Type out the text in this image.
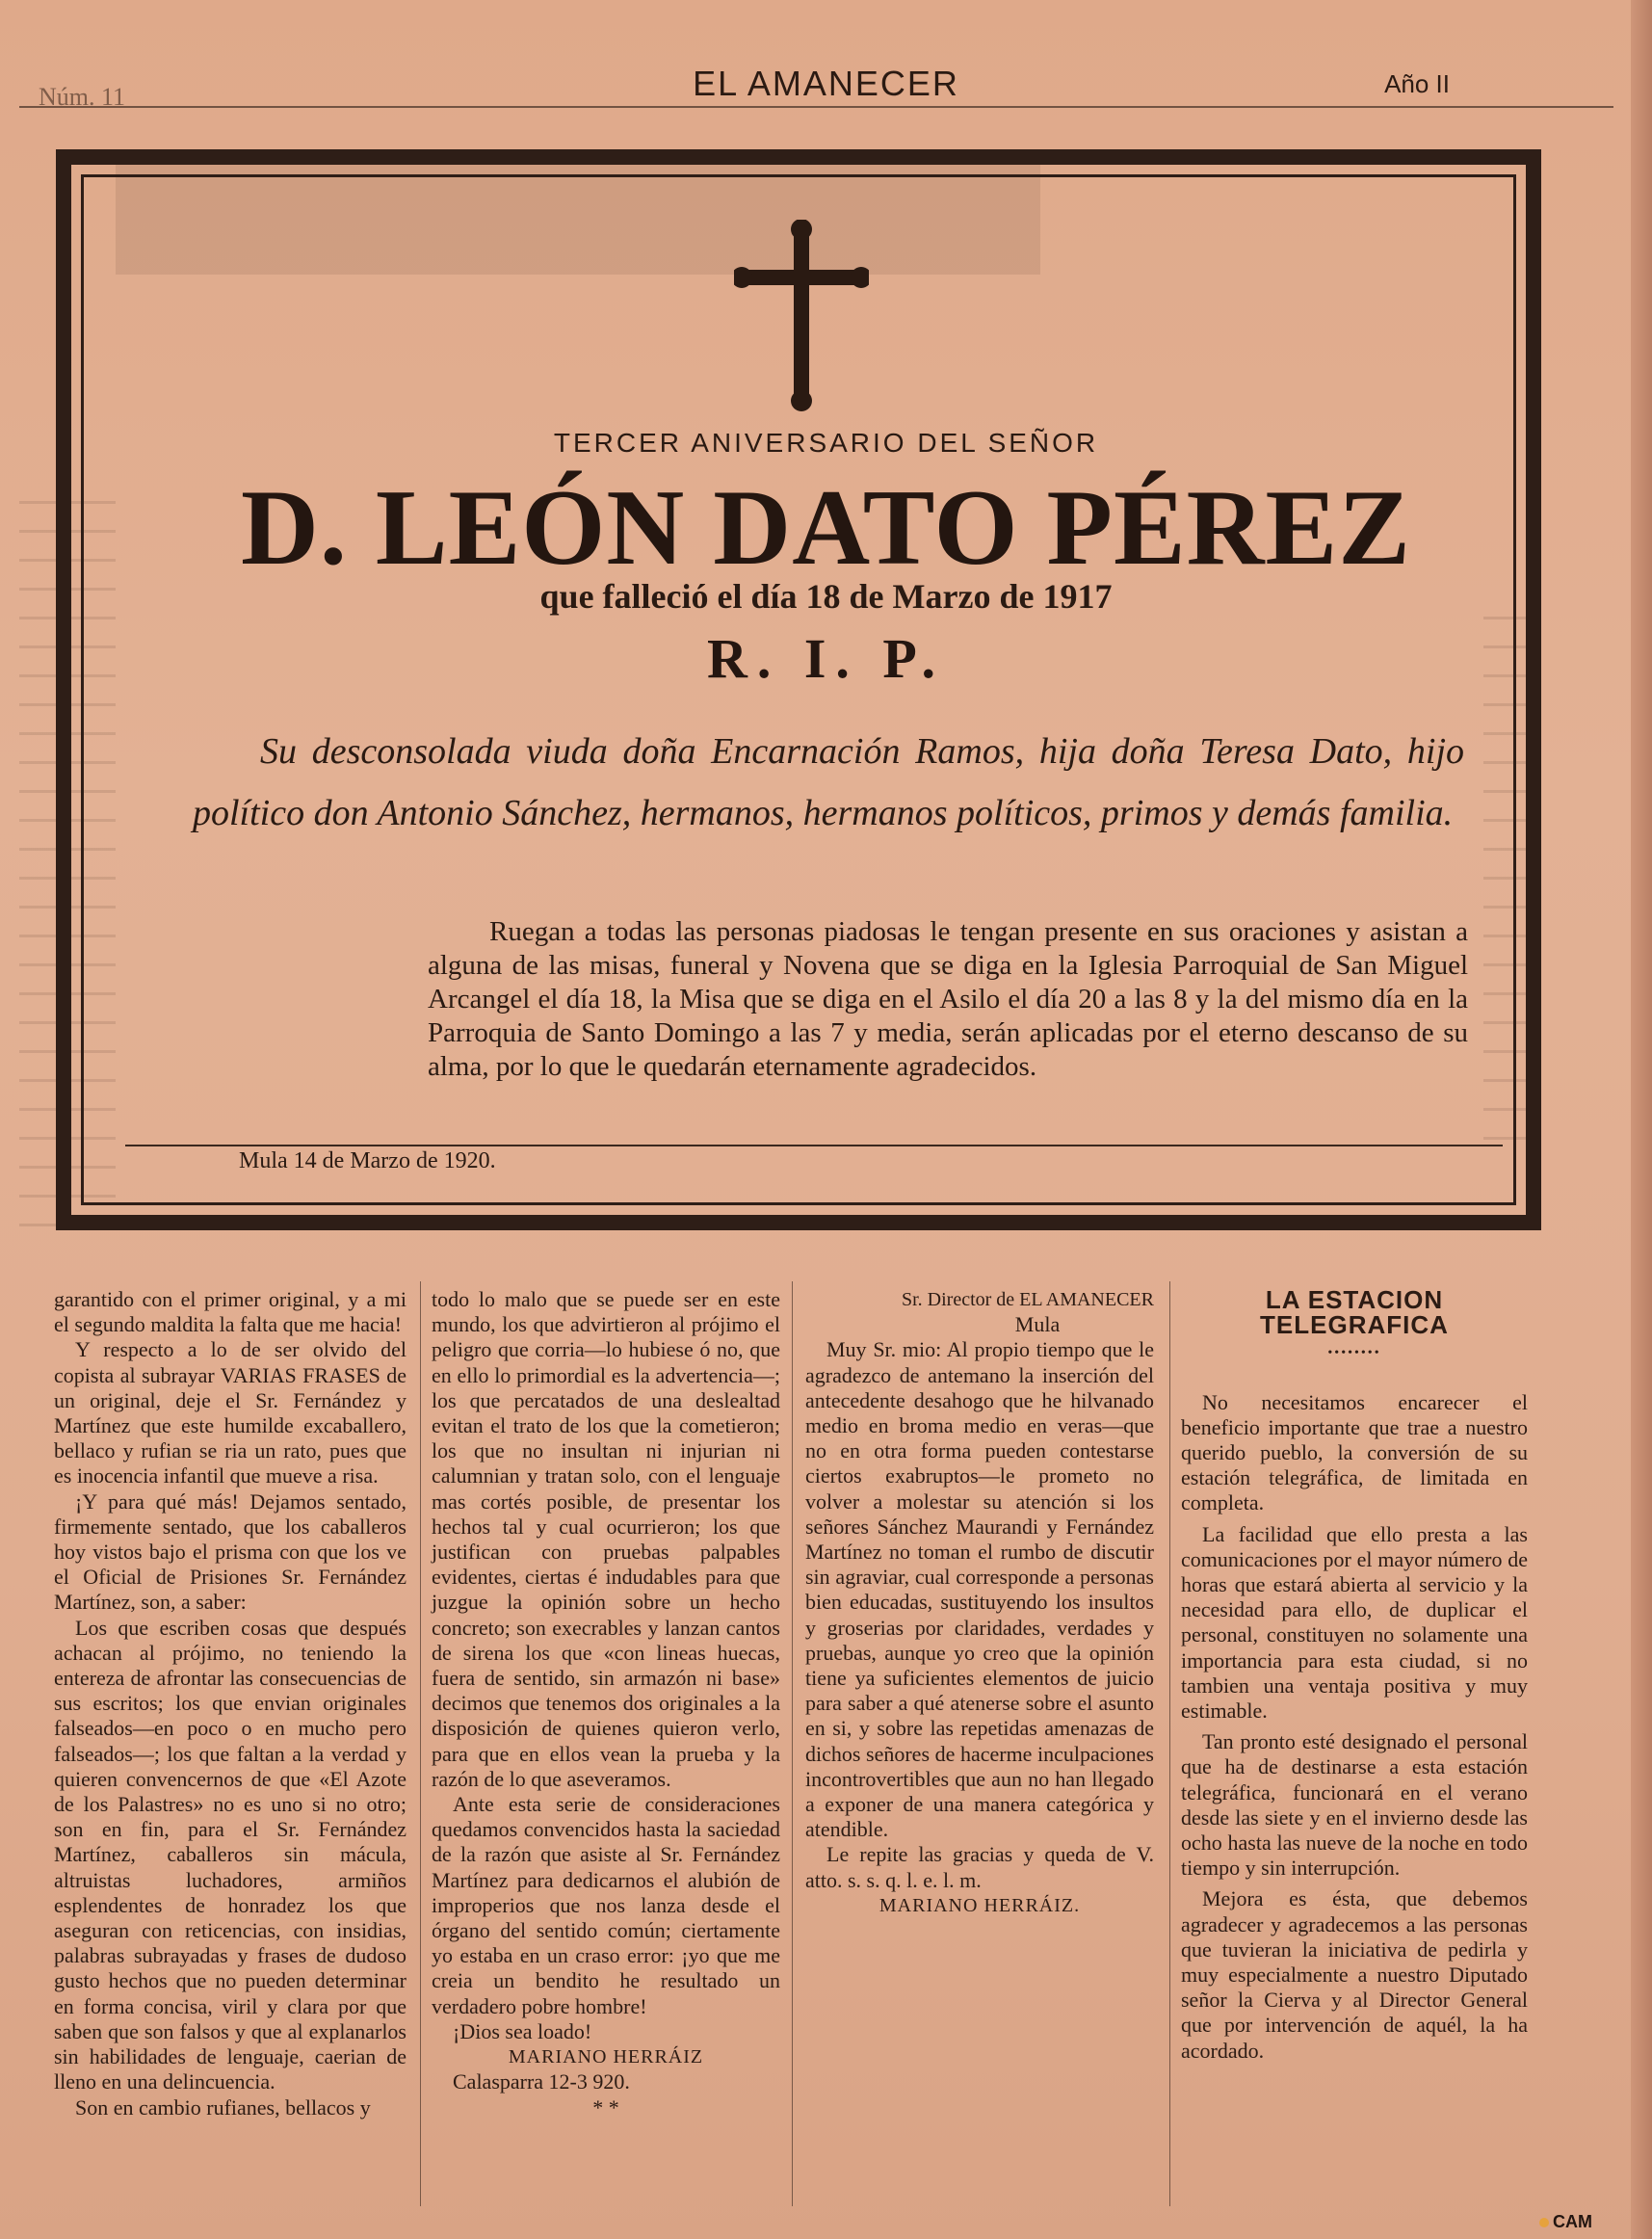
Núm. 11	EL AMANECER	Año II
TERCER ANIVERSARIO DEL SEÑOR
D. LEÓN DATO PÉREZ
que falleció el día 18 de Marzo de 1917
R. I. P.
Su desconsolada viuda doña Encarnación Ramos, hija doña Teresa Dato, hijo político don Antonio Sánchez, hermanos, hermanos políticos, primos y demás familia.
Ruegan a todas las personas piadosas le tengan presente en sus oraciones y asistan a alguna de las misas, funeral y Novena que se diga en la Iglesia Parroquial de San Miguel Arcangel el día 18, la Misa que se diga en el Asilo el día 20 a las 8 y la del mismo día en la Parroquia de Santo Domingo a las 7 y media, serán aplicadas por el eterno descanso de su alma, por lo que le quedarán eternamente agradecidos.
Mula 14 de Marzo de 1920.

garantido con el primer original, y a mi el segundo maldita la falta que me hacia!

Y respecto a lo de ser olvido del copista al subrayar VARIAS FRASES de un original, deje el Sr. Fernández y Martínez que este humilde excaballero, bellaco y rufian se ria un rato, pues que es inocencia infantil que mueve a risa.

¡Y para qué más! Dejamos sentado, firmemente sentado, que los caballeros hoy vistos bajo el prisma con que los ve el Oficial de Prisiones Sr. Fernández Martínez, son, a saber:

Los que escriben cosas que después achacan al prójimo, no teniendo la entereza de afrontar las consecuencias de sus escritos; los que envian originales falseados—en poco o en mucho pero falseados—; los que faltan a la verdad y quieren convencernos de que «El Azote de los Palastres» no es uno si no otro; son en fin, para el Sr. Fernández Martínez, caballeros sin mácula, altruistas luchadores, armiños esplendentes de honradez los que aseguran con reticencias, con insidias, palabras subrayadas y frases de dudoso gusto hechos que no pueden determinar en forma concisa, viril y clara por que saben que son falsos y que al explanarlos sin habilidades de lenguaje, caerian de lleno en una delincuencia.

Son en cambio rufianes, bellacos y

todo lo malo que se puede ser en este mundo, los que advirtieron al prójimo el peligro que corria—lo hubiese ó no, que en ello lo primordial es la advertencia—; los que percatados de una deslealtad evitan el trato de los que la cometieron; los que no insultan ni injurian ni calumnian y tratan solo, con el lenguaje mas cortés posible, de presentar los hechos tal y cual ocurrieron; los que justifican con pruebas palpables evidentes, ciertas é indudables para que juzgue la opinión sobre un hecho concreto; son execrables y lanzan cantos de sirena los que «con lineas huecas, fuera de sentido, sin armazón ni base» decimos que tenemos dos originales a la disposición de quienes quieron verlo, para que en ellos vean la prueba y la razón de lo que aseveramos.

Ante esta serie de consideraciones quedamos convencidos hasta la saciedad de la razón que asiste al Sr. Fernández Martínez para dedicarnos el alubión de improperios que nos lanza desde el órgano del sentido común; ciertamente yo estaba en un craso error: ¡yo que me creia un bendito he resultado un verdadero pobre hombre!

¡Dios sea loado!

MARIANO HERRÁIZ

Calasparra 12-3 920.

* *

Sr. Director de EL AMANECER

Mula

Muy Sr. mio: Al propio tiempo que le agradezco de antemano la inserción del antecedente desahogo que he hilvanado medio en broma medio en veras—que no en otra forma pueden contestarse ciertos exabruptos—le prometo no volver a molestar su atención si los señores Sánchez Maurandi y Fernández Martínez no toman el rumbo de discutir sin agraviar, cual corresponde a personas bien educadas, sustituyendo los insultos y groserias por claridades, verdades y pruebas, aunque yo creo que la opinión tiene ya suficientes elementos de juicio para saber a qué atenerse sobre el asunto en si, y sobre las repetidas amenazas de dichos señores de hacerme inculpaciones incontrovertibles que aun no han llegado a exponer de una manera categórica y atendible.

Le repite las gracias y queda de V. atto. s. s. q. l. e. l. m.

MARIANO HERRÁIZ.

LA ESTACION TELEGRAFICA
••••••••

No necesitamos encarecer el beneficio importante que trae a nuestro querido pueblo, la conversión de su estación telegráfica, de limitada en completa.

La facilidad que ello presta a las comunicaciones por el mayor número de horas que estará abierta al servicio y la necesidad para ello, de duplicar el personal, constituyen no solamente una importancia para esta ciudad, si no tambien una ventaja positiva y muy estimable.

Tan pronto esté designado el personal que ha de destinarse a esta estación telegráfica, funcionará en el verano desde las siete y en el invierno desde las ocho hasta las nueve de la noche en todo tiempo y sin interrupción.

Mejora es ésta, que debemos agradecer y agradecemos a las personas que tuvieran la iniciativa de pedirla y muy especialmente a nuestro Diputado señor la Cierva y al Director General que por intervención de aquél, la ha acordado.

CAM
